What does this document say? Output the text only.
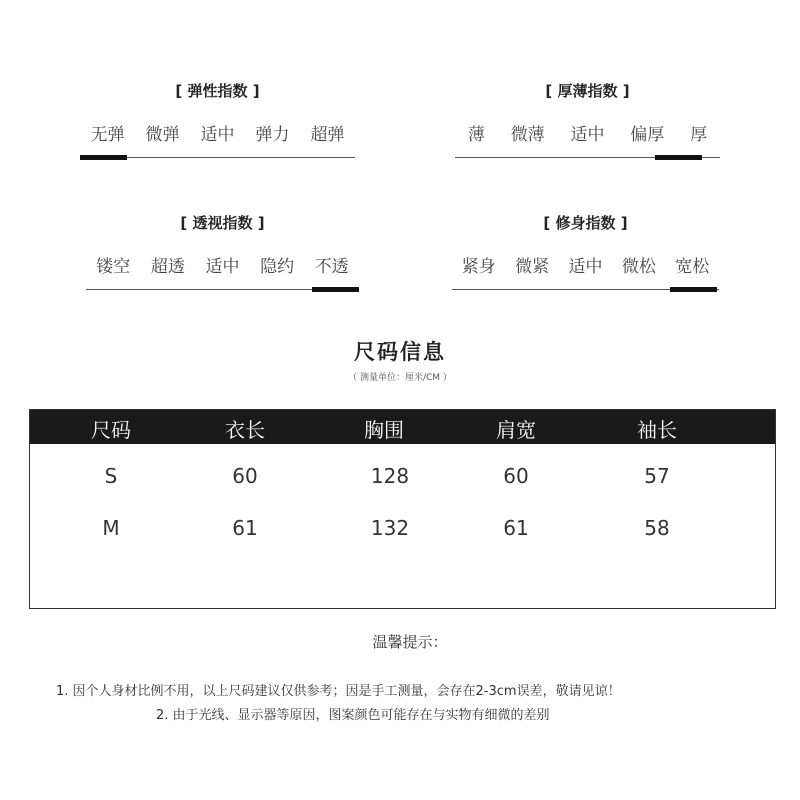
[ 弹性指数 ]
无弹 微弹 适中 弹力 超弹
[ 厚薄指数 ]
薄 微薄 适中 偏厚 厚
[ 透视指数 ]
镂空 超透 适中 隐约 不透
[ 修身指数 ]
紧身 微紧 适中 微松 宽松
尺码信息
（ 测量单位：厘米/CM ）
尺码	衣长	胸围	肩宽	袖长
S	60	128	60	57
M	61	132	61	58
温馨提示：
1. 因个人身材比例不用，以上尺码建议仅供参考；因是手工测量，会存在2-3cm误差，敬请见谅！
2. 由于光线、显示器等原因，图案颜色可能存在与实物有细微的差别
